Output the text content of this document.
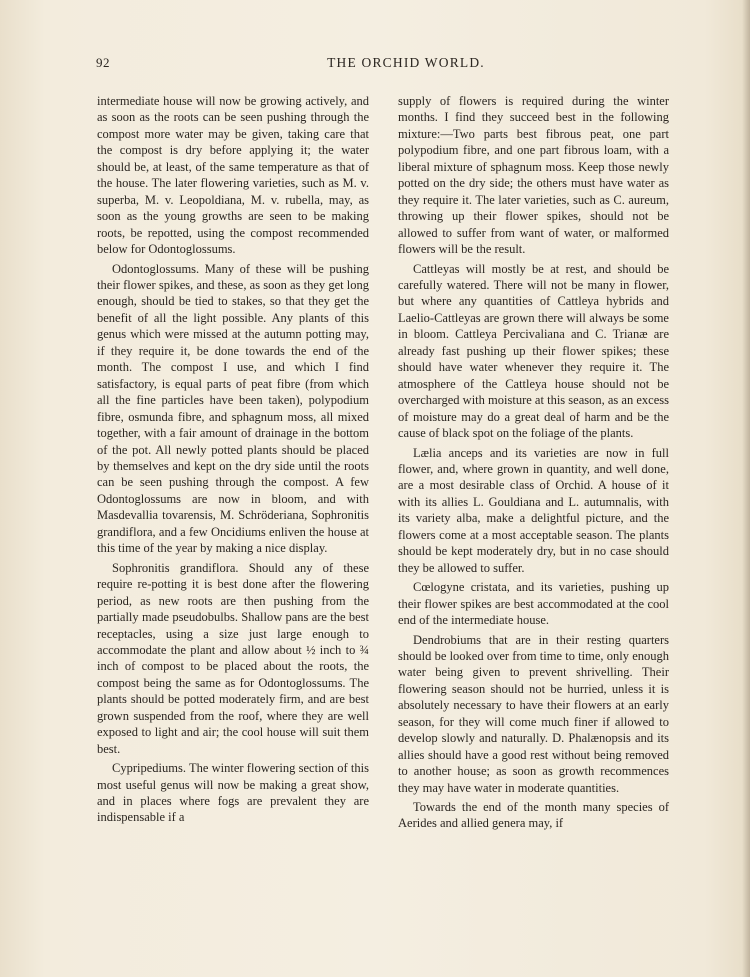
92	THE ORCHID WORLD.

intermediate house will now be growing actively, and as soon as the roots can be seen pushing through the compost more water may be given, taking care that the compost is dry before applying it; the water should be, at least, of the same temperature as that of the house. The later flowering varieties, such as M. v. superba, M. v. Leopoldiana, M. v. rubella, may, as soon as the young growths are seen to be making roots, be repotted, using the compost recommended below for Odontoglossums.

Odontoglossums. Many of these will be pushing their flower spikes, and these, as soon as they get long enough, should be tied to stakes, so that they get the benefit of all the light possible. Any plants of this genus which were missed at the autumn potting may, if they require it, be done towards the end of the month. The compost I use, and which I find satisfactory, is equal parts of peat fibre (from which all the fine particles have been taken), polypodium fibre, osmunda fibre, and sphagnum moss, all mixed together, with a fair amount of drainage in the bottom of the pot. All newly potted plants should be placed by themselves and kept on the dry side until the roots can be seen pushing through the compost. A few Odontoglossums are now in bloom, and with Masdevallia tovarensis, M. Schröderiana, Sophronitis grandiflora, and a few Oncidiums enliven the house at this time of the year by making a nice display.

Sophronitis grandiflora. Should any of these require re-potting it is best done after the flowering period, as new roots are then pushing from the partially made pseudobulbs. Shallow pans are the best receptacles, using a size just large enough to accommodate the plant and allow about ½ inch to ¾ inch of compost to be placed about the roots, the compost being the same as for Odontoglossums. The plants should be potted moderately firm, and are best grown suspended from the roof, where they are well exposed to light and air; the cool house will suit them best.

Cypripediums. The winter flowering section of this most useful genus will now be making a great show, and in places where fogs are prevalent they are indispensable if a

supply of flowers is required during the winter months. I find they succeed best in the following mixture:—Two parts best fibrous peat, one part polypodium fibre, and one part fibrous loam, with a liberal mixture of sphagnum moss. Keep those newly potted on the dry side; the others must have water as they require it. The later varieties, such as C. aureum, throwing up their flower spikes, should not be allowed to suffer from want of water, or malformed flowers will be the result.

Cattleyas will mostly be at rest, and should be carefully watered. There will not be many in flower, but where any quantities of Cattleya hybrids and Laelio-Cattleyas are grown there will always be some in bloom. Cattleya Percivaliana and C. Trianæ are already fast pushing up their flower spikes; these should have water whenever they require it. The atmosphere of the Cattleya house should not be overcharged with moisture at this season, as an excess of moisture may do a great deal of harm and be the cause of black spot on the foliage of the plants.

Lælia anceps and its varieties are now in full flower, and, where grown in quantity, and well done, are a most desirable class of Orchid. A house of it with its allies L. Gouldiana and L. autumnalis, with its variety alba, make a delightful picture, and the flowers come at a most acceptable season. The plants should be kept moderately dry, but in no case should they be allowed to suffer.

Cœlogyne cristata, and its varieties, pushing up their flower spikes are best accommodated at the cool end of the intermediate house.

Dendrobiums that are in their resting quarters should be looked over from time to time, only enough water being given to prevent shrivelling. Their flowering season should not be hurried, unless it is absolutely necessary to have their flowers at an early season, for they will come much finer if allowed to develop slowly and naturally. D. Phalænopsis and its allies should have a good rest without being removed to another house; as soon as growth recommences they may have water in moderate quantities.

Towards the end of the month many species of Aerides and allied genera may, if
